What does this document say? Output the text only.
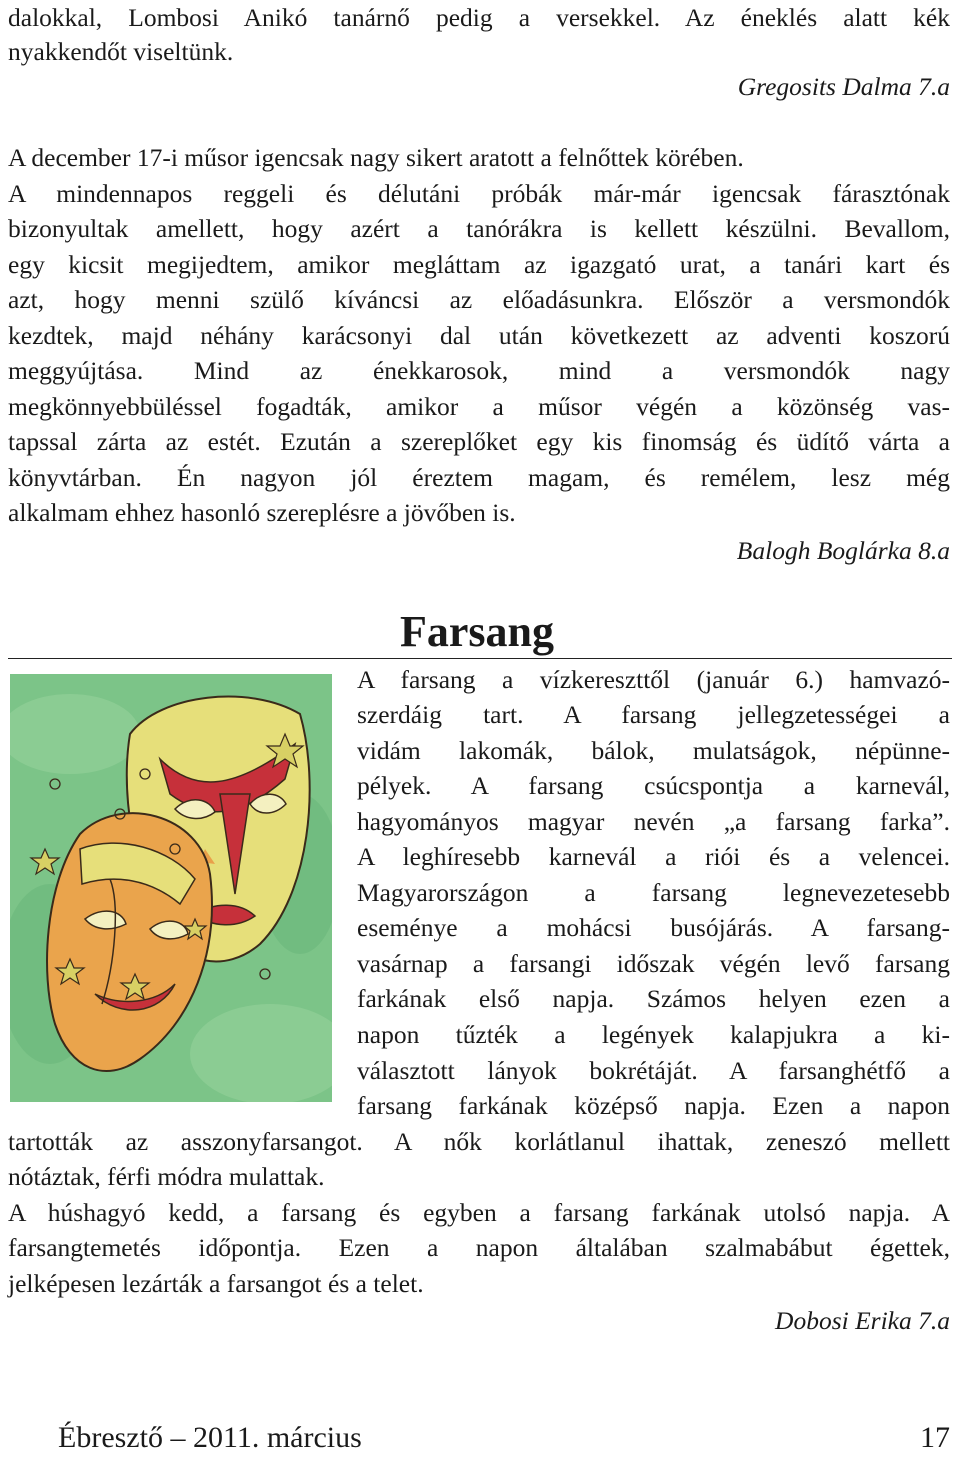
dalokkal, Lombosi Anikó tanárnő pedig a versekkel. Az éneklés alatt kék
nyakkendőt viseltünk.
Gregosits Dalma 7.a
A december 17-i műsor igencsak nagy sikert aratott a felnőttek körében.
A mindennapos reggeli és délutáni próbák már-már igencsak fárasztónak
bizonyultak amellett, hogy azért a tanórákra is kellett készülni. Bevallom,
egy kicsit megijedtem, amikor megláttam az igazgató urat, a tanári kart és
azt, hogy menni szülő kíváncsi az előadásunkra. Először a versmondók
kezdtek, majd néhány karácsonyi dal után következett az adventi koszorú
meggyújtása. Mind az énekkarosok, mind a versmondók nagy
megkönnyebbüléssel fogadták, amikor a műsor végén a közönség vas-
tapssal zárta az estét. Ezután a szereplőket egy kis finomság és üdítő várta a
könyvtárban. Én nagyon jól éreztem magam, és remélem, lesz még
alkalmam ehhez hasonló szereplésre a jövőben is.
Balogh Boglárka 8.a
Farsang
A farsang a vízkereszttől (január 6.) hamvazó-
szerdáig tart. A farsang jellegzetességei a
vidám lakomák, bálok, mulatságok, népünne-
pélyek. A farsang csúcspontja a karnevál,
hagyományos magyar nevén „a farsang farka”.
A leghíresebb karnevál a riói és a velencei.
Magyarországon a farsang legnevezetesebb
eseménye a mohácsi busójárás. A farsang-
vasárnap a farsangi időszak végén levő farsang
farkának első napja. Számos helyen ezen a
napon tűzték a legények kalapjukra a ki-
választott lányok bokrétáját. A farsanghétfő a
farsang farkának középső napja. Ezen a napon
tartották az asszonyfarsangot. A nők korlátlanul ihattak, zeneszó mellett
nótáztak, férfi módra mulattak.
A húshagyó kedd, a farsang és egyben a farsang farkának utolsó napja. A
farsangtemetés időpontja. Ezen a napon általában szalmabábut égettek,
jelképesen lezárták a farsangot és a telet.
Dobosi Erika 7.a
Ébresztő – 2011. március	17
